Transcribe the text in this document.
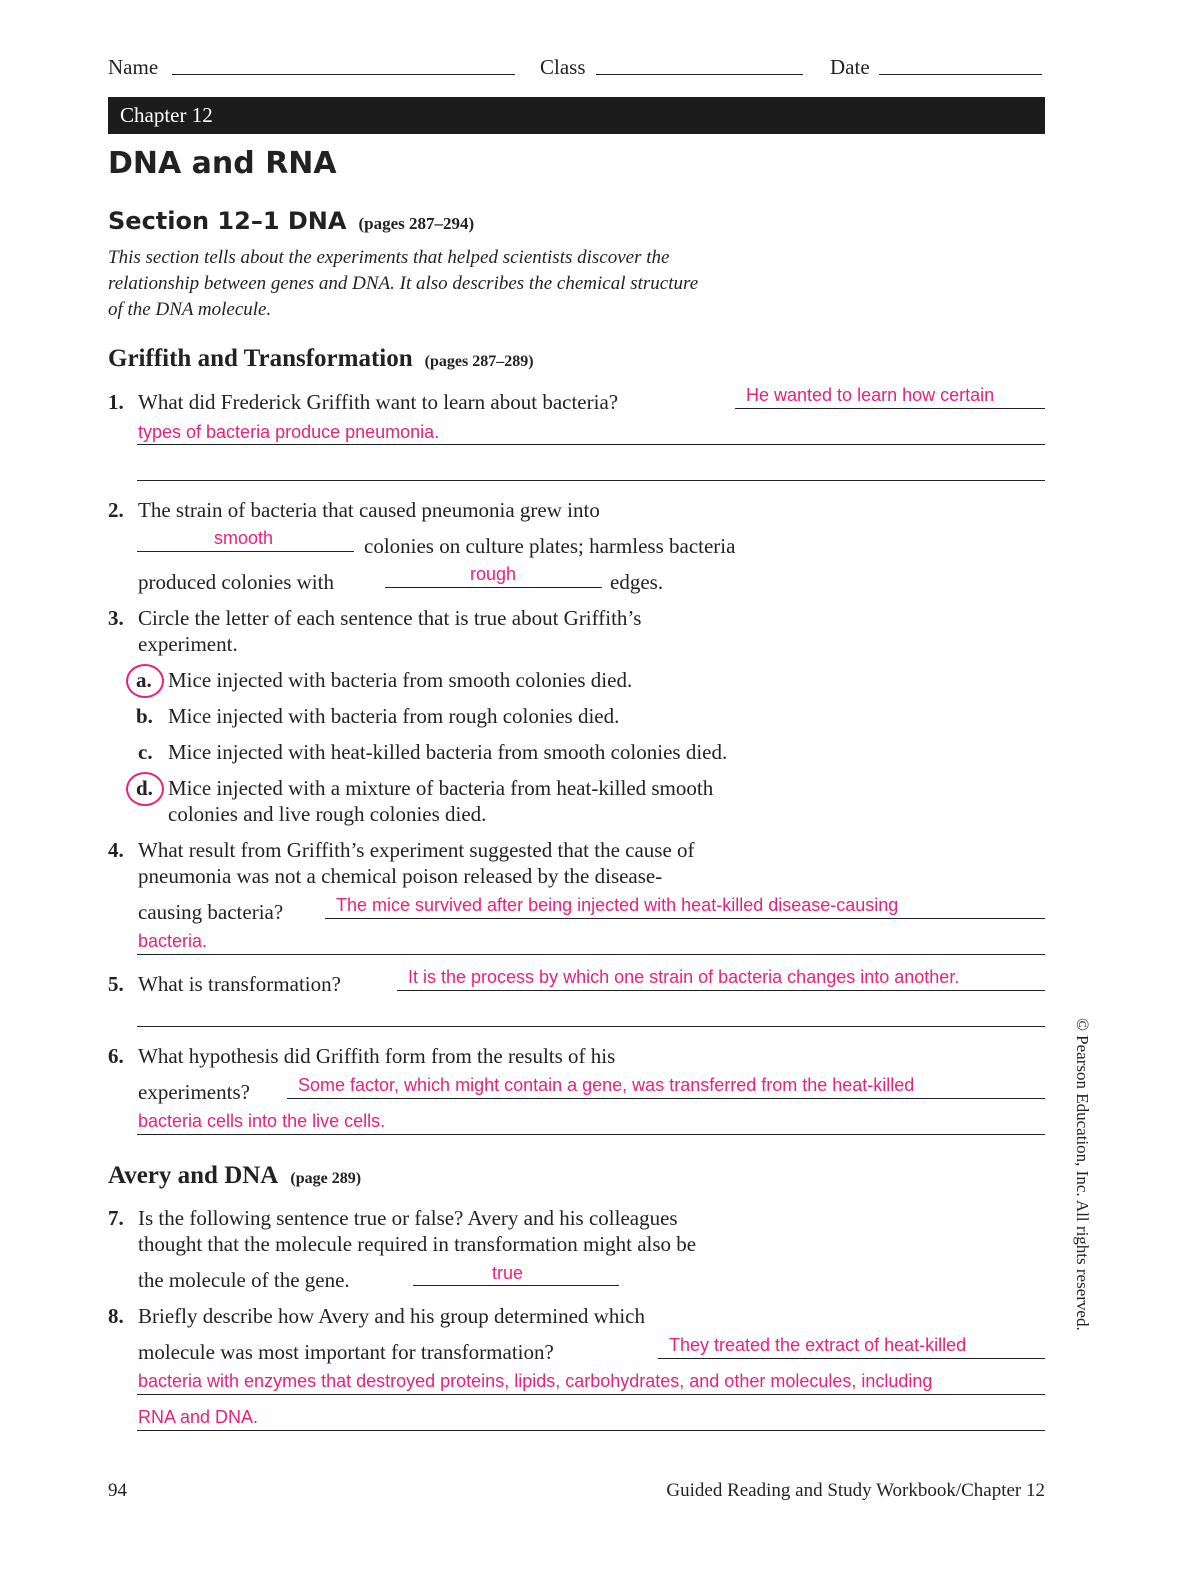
Name	Class	Date
Chapter 12
DNA and RNA
Section 12–1 DNA (pages 287–294)
This section tells about the experiments that helped scientists discover the
relationship between genes and DNA. It also describes the chemical structure
of the DNA molecule.
Griffith and Transformation (pages 287–289)
1. What did Frederick Griffith want to learn about bacteria?	He wanted to learn how certain
types of bacteria produce pneumonia.
2. The strain of bacteria that caused pneumonia grew into
smooth	colonies on culture plates; harmless bacteria
produced colonies with	rough	edges.
3. Circle the letter of each sentence that is true about Griffith’s
experiment.
a. Mice injected with bacteria from smooth colonies died.
b. Mice injected with bacteria from rough colonies died.
c. Mice injected with heat-killed bacteria from smooth colonies died.
d. Mice injected with a mixture of bacteria from heat-killed smooth
colonies and live rough colonies died.
4. What result from Griffith’s experiment suggested that the cause of
pneumonia was not a chemical poison released by the disease-
causing bacteria?	The mice survived after being injected with heat-killed disease-causing
bacteria.
5. What is transformation?	It is the process by which one strain of bacteria changes into another.
6. What hypothesis did Griffith form from the results of his
experiments?	Some factor, which might contain a gene, was transferred from the heat-killed
bacteria cells into the live cells.
Avery and DNA (page 289)
7. Is the following sentence true or false? Avery and his colleagues
thought that the molecule required in transformation might also be
the molecule of the gene.	true
8. Briefly describe how Avery and his group determined which
molecule was most important for transformation?	They treated the extract of heat-killed
bacteria with enzymes that destroyed proteins, lipids, carbohydrates, and other molecules, including
RNA and DNA.
© Pearson Education, Inc. All rights reserved.
94	Guided Reading and Study Workbook/Chapter 12
